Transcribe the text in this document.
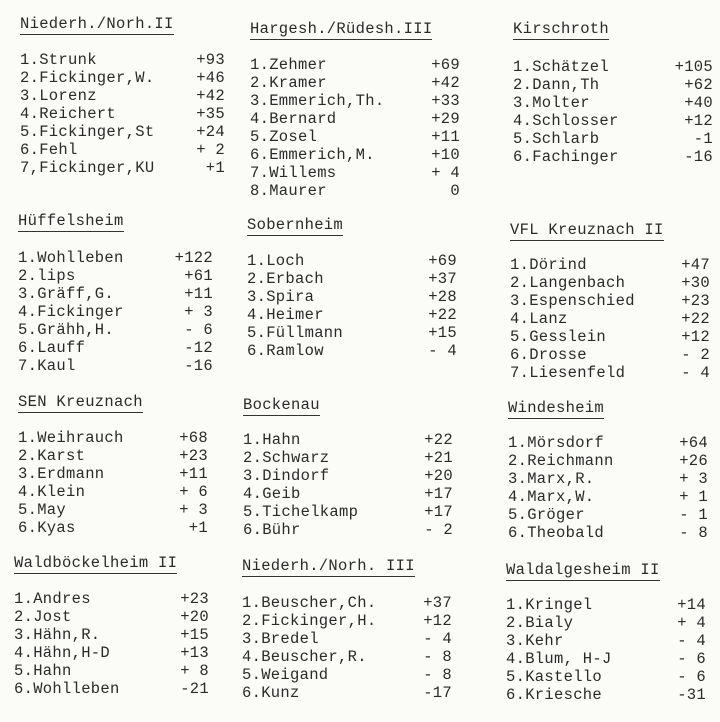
Niederh./Norh.II
1.Strunk	+93
2.Fickinger,W.	+46
3.Lorenz	+42
4.Reichert	+35
5.Fickinger,St	+24
6.Fehl	+ 2
7,Fickinger,KU	+1
Hargesh./Rüdesh.III
1.Zehmer	+69
2.Kramer	+42
3.Emmerich,Th.	+33
4.Bernard	+29
5.Zosel	+11
6.Emmerich,M.	+10
7.Willems	+ 4
8.Maurer	0
Kirschroth
1.Schätzel	+105
2.Dann,Th	+62
3.Molter	+40
4.Schlosser	+12
5.Schlarb	-1
6.Fachinger	-16
Hüffelsheim
1.Wohlleben	+122
2.lips	+61
3.Gräff,G.	+11
4.Fickinger	+ 3
5.Grähh,H.	- 6
6.Lauff	-12
7.Kaul	-16
Sobernheim
1.Loch	+69
2.Erbach	+37
3.Spira	+28
4.Heimer	+22
5.Füllmann	+15
6.Ramlow	- 4
VFL Kreuznach II
1.Dörind	+47
2.Langenbach	+30
3.Espenschied	+23
4.Lanz	+22
5.Gesslein	+12
6.Drosse	- 2
7.Liesenfeld	- 4
SEN Kreuznach
1.Weihrauch	+68
2.Karst	+23
3.Erdmann	+11
4.Klein	+ 6
5.May	+ 3
6.Kyas	+1
Bockenau
1.Hahn	+22
2.Schwarz	+21
3.Dindorf	+20
4.Geib	+17
5.Tichelkamp	+17
6.Bühr	- 2
Windesheim
1.Mörsdorf	+64
2.Reichmann	+26
3.Marx,R.	+ 3
4.Marx,W.	+ 1
5.Gröger	- 1
6.Theobald	- 8
Waldböckelheim II
1.Andres	+23
2.Jost	+20
3.Hähn,R.	+15
4.Hähn,H-D	+13
5.Hahn	+ 8
6.Wohlleben	-21
Niederh./Norh. III
1.Beuscher,Ch.	+37
2.Fickinger,H.	+12
3.Bredel	- 4
4.Beuscher,R.	- 8
5.Weigand	- 8
6.Kunz	-17
Waldalgesheim II
1.Kringel	+14
2.Bialy	+ 4
3.Kehr	- 4
4.Blum, H-J	- 6
5.Kastello	- 6
6.Kriesche	-31
